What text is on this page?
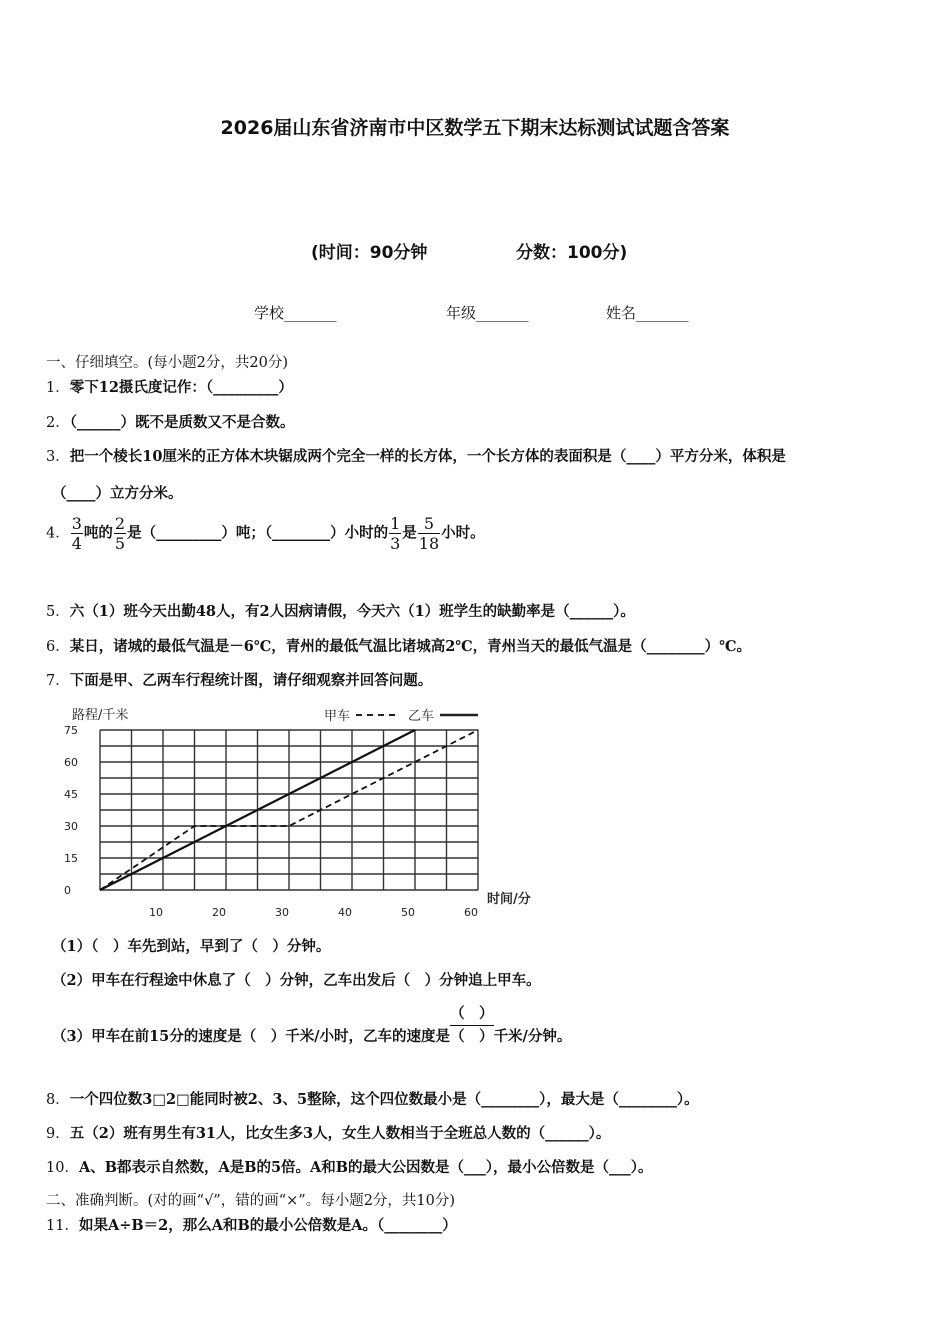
2026届山东省济南市中区数学五下期末达标测试试题含答案
(时间：90分钟	分数：100分)
学校_______	年级_______	姓名_______
一、仔细填空。(每小题2分，共20分)
1．零下12摄氏度记作：（_________）
2．（______）既不是质数又不是合数。
3．把一个棱长10厘米的正方体木块锯成两个完全一样的长方体，一个长方体的表面积是（____）平方分米，体积是
（____）立方分米。
4． $\frac{3}{4}$ 吨的 $\frac{2}{5}$ 是（_________）吨；（________）小时的 $\frac{1}{3}$ 是 $\frac{5}{18}$ 小时。
5．六（1）班今天出勤48人，有2人因病请假，今天六（1）班学生的缺勤率是（______）。
6．某日，诸城的最低气温是－6℃，青州的最低气温比诸城高2℃，青州当天的最低气温是（________）℃。
7．下面是甲、乙两车行程统计图，请仔细观察并回答问题。
路程/千米
时间/分
甲车	乙车
0
15
30
45
60
75
10	20	30	40	50	60
（1）（　）车先到站，早到了（　）分钟。
（2）甲车在行程途中休息了（　）分钟，乙车出发后（　）分钟追上甲车。
（3）甲车在前15分的速度是（　）千米/小时，乙车的速度是
（　）
（　） 千米/分钟。
8．一个四位数3□2□能同时被2、3、5整除，这个四位数最小是（________），最大是（________）。
9．五（2）班有男生有31人，比女生多3人，女生人数相当于全班总人数的（______）。
10．A、B都表示自然数，A是B的5倍。A和B的最大公因数是（___），最小公倍数是（___）。
二、准确判断。(对的画“√”，错的画“×”。每小题2分，共10分)
11．如果A÷B＝2，那么A和B的最小公倍数是A。（________）
